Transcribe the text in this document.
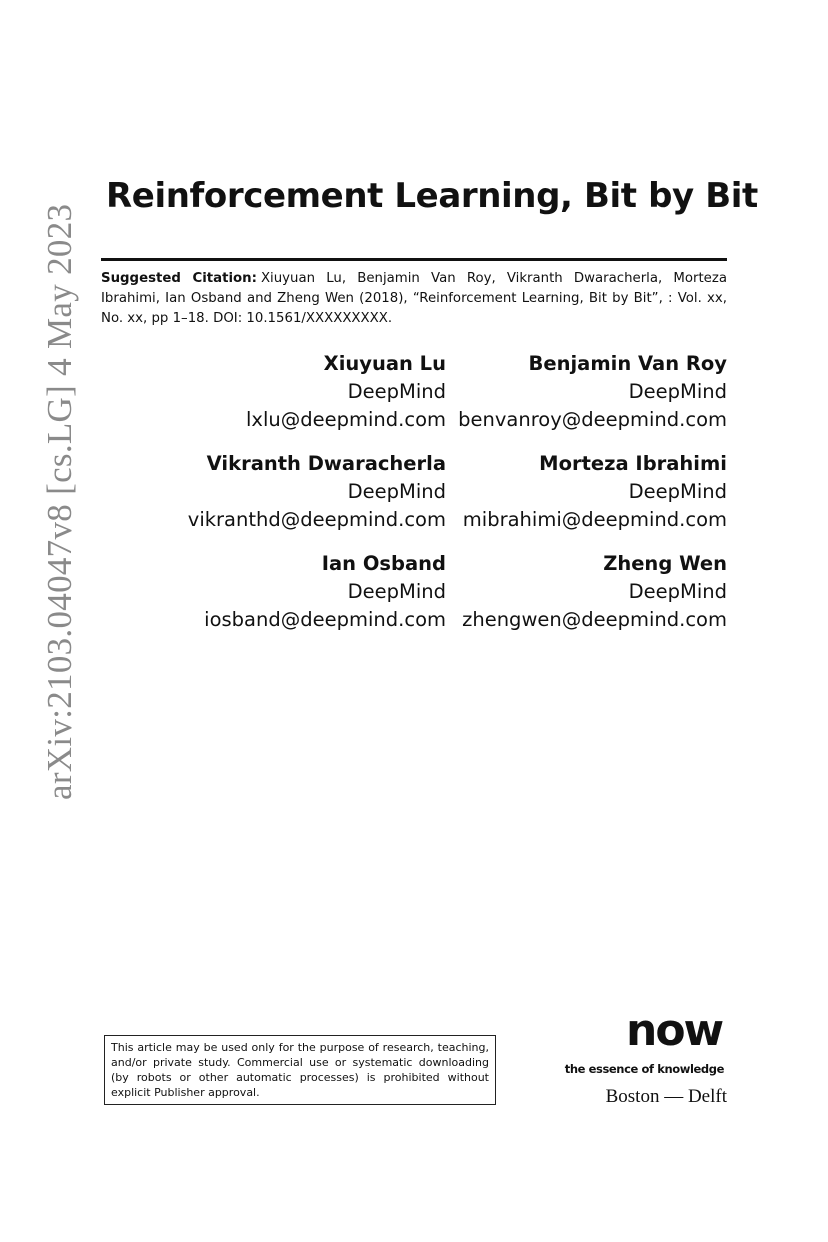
arXiv:2103.04047v8 [cs.LG] 4 May 2023
Reinforcement Learning, Bit by Bit
Suggested Citation: Xiuyuan Lu, Benjamin Van Roy, Vikranth Dwaracherla, Morteza Ibrahimi, Ian Osband and Zheng Wen (2018), “Reinforcement Learning, Bit by Bit”, : Vol. xx, No. xx, pp 1–18. DOI: 10.1561/XXXXXXXXX.
Xiuyuan Lu
DeepMind
lxlu@deepmind.com
Benjamin Van Roy
DeepMind
benvanroy@deepmind.com
Vikranth Dwaracherla
DeepMind
vikranthd@deepmind.com
Morteza Ibrahimi
DeepMind
mibrahimi@deepmind.com
Ian Osband
DeepMind
iosband@deepmind.com
Zheng Wen
DeepMind
zhengwen@deepmind.com
This article may be used only for the purpose of research, teaching, and/or private study. Commercial use or systematic downloading (by robots or other automatic processes) is prohibited without explicit Publisher approval.
now
the essence of knowledge
Boston — Delft
